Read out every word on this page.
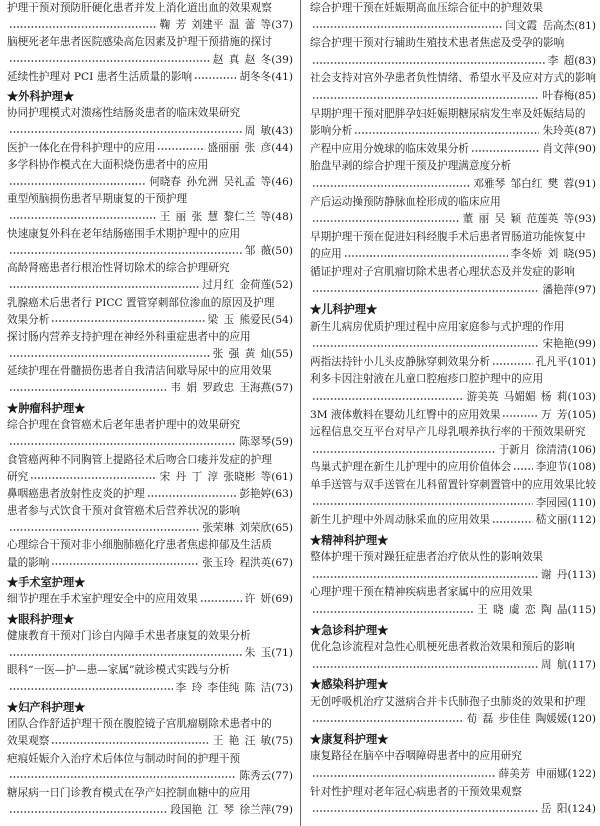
护理干预对预防肝硬化患者并发上消化道出血的效果观察
鞠 芳 刘建平 温 蕾 等 (37)
脑梗死老年患者医院感染高危因素及护理干预措施的探讨
赵 真 赵 冬 (39)
延续性护理对 PCI 患者生活质量的影响	胡冬冬 (41)
★外科护理★
协同护理模式对溃疡性结肠炎患者的临床效果研究
周 敏 (43)
医护一体化在骨科护理中的应用	盛丽丽 张 彦 (44)
多学科协作模式在大面积烧伤患者中的应用
何晓春 孙允洲 吴礼孟 等 (46)
重型颅脑损伤患者早期康复的干预护理
王 丽 张 慧 黎仁兰 等 (48)
快速康复外科在老年结肠癌围手术期护理中的应用
邹 薇 (50)
高龄肾癌患者行根治性肾切除术的综合护理研究
过月红 金荷莲 (52)
乳腺癌术后患者行 PICC 置管穿刺部位渗血的原因及护理
效果分析	梁 玉 熊爱民 (54)
探讨肠内营养支持护理在神经外科重症患者中的应用
张 强 黄 灿 (55)
延续护理在骨髓损伤患者自我清洁间歇导尿中的应用效果
韦 娟 罗政忠 王海燕 (57)
★肿瘤科护理★
综合护理在食管癌术后老年患者护理中的效果研究
陈翠琴 (59)
食管癌两种不同胸管上提路径术后吻合口瘘并发症的护理
研究	宋 丹 丁 淳 张晓彬 等 (61)
鼻咽癌患者放射性皮炎的护理	彭艳婷 (63)
患者参与式饮食干预对食管癌术后营养状况的影响
张荣琳 刘荣欣 (65)
心理综合干预对非小细胞肺癌化疗患者焦虑抑郁及生活质
量的影响	张玉玲 程洪英 (67)
★手术室护理★
细节护理在手术室护理安全中的应用效果	许 妍 (69)
★眼科护理★
健康教育干预对门诊白内障手术患者康复的效果分析
朱 玉 (71)
眼科“一医—护—患—家属”就诊模式实践与分析
李 玲 李佳纯 陈 洁 (73)
★妇产科护理★
团队合作舒适护理干预在腹腔镜子宫肌瘤剔除术患者中的
效果观察	王 艳 汪 敏 (75)
疤痕妊娠介入治疗术后体位与制动时间的护理干预
陈秀云 (77)
糖尿病一日门诊教育模式在孕产妇控制血糖中的应用
段国艳 江 琴 徐兰萍 (79)
综合护理干预在妊娠期高血压综合征中的护理效果
闫文霞 岳高杰 (81)
综合护理干预对行辅助生殖技术患者焦虑及受孕的影响
李 超 (83)
社会支持对宫外孕患者负性情绪、希望水平及应对方式的影响
叶春梅 (85)
早期护理干预对肥胖孕妇妊娠期糖尿病发生率及妊娠结局的
影响分析	朱玲英 (87)
产程中应用分娩球的临床效果分析	肖文萍 (90)
胎盘早剥的综合护理干预及护理满意度分析
邓雅琴 邹白红 樊 蓉 (91)
产后运动操预防静脉血栓形成的临床应用
董 丽 吴 颖 范莲英 等 (93)
早期护理干预在促进妇科经腹手术后患者胃肠道功能恢复中
的应用	李冬娇 刘 晓 (95)
循证护理对子宫肌瘤切除术患者心理状态及并发症的影响
潘艳萍 (97)
★儿科护理★
新生儿病房优质护理过程中应用家庭参与式护理的作用
宋艳艳 (99)
两指法持针小儿头皮静脉穿刺效果分析	孔凡平 (101)
利多卡因注射液在儿童口腔疱疹口腔护理中的应用
游美英 马媚媚 杨 莉 (103)
3M 液体敷料在婴幼儿红臀中的应用效果	万 芳 (105)
远程信息交互平台对早产儿母乳喂养执行率的干预效果研究
于新月 徐清清 (106)
鸟巢式护理在新生儿护理中的应用价值体会 李迎节 (108)
单手送管与双手送管在儿科留置针穿刺置管中的应用效果比较
李园园 (110)
新生儿护理中外周动脉采血的应用效果	嵇文丽 (112)
★精神科护理★
整体护理干预对躁狂症患者治疗依从性的影响效果
谢 丹 (113)
心理护理干预在精神疾病患者家属中的应用效果
王 晓 虞 恋 陶 晶 (115)
★急诊科护理★
优化急诊流程对急性心肌梗死患者救治效果和预后的影响
周 航 (117)
★感染科护理★
无创呼吸机治疗艾滋病合并卡氏肺孢子虫肺炎的效果和护理
荀 磊 步佳佳 陶媛媛 (120)
★康复科护理★
康复路径在脑卒中吞咽障碍患者中的应用研究
薛美芳 申丽娜 (122)
针对性护理对老年冠心病患者的干预效果观察
岳 阳 (124)
